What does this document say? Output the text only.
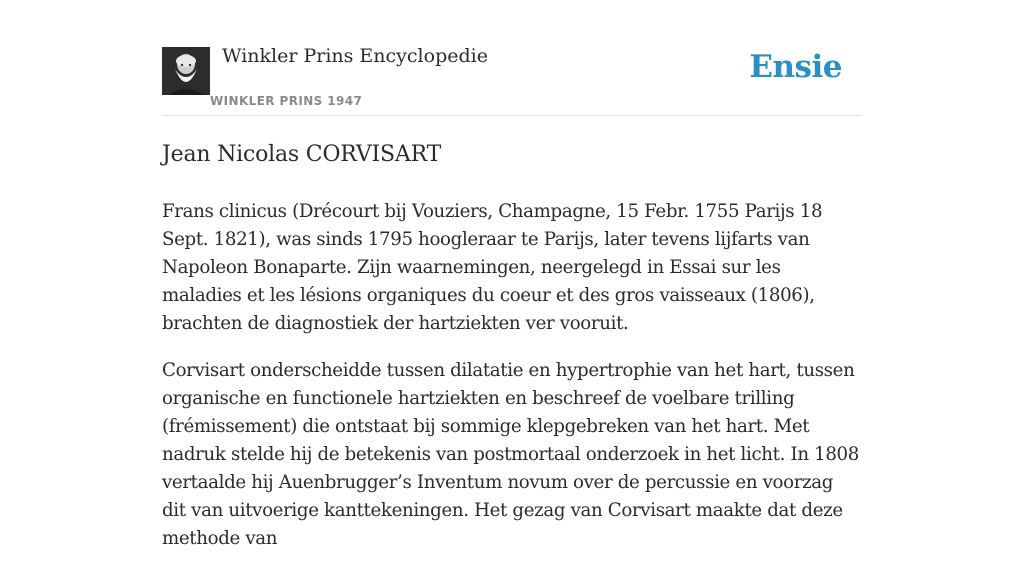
Winkler Prins Encyclopedie
WINKLER PRINS 1947
Ensie
Jean Nicolas CORVISART

Frans clinicus (Drécourt bij Vouziers, Champagne, 15 Febr. 1755 Parijs 18 Sept. 1821), was sinds 1795 hoogleraar te Parijs, later tevens lijfarts van Napoleon Bonaparte. Zijn waarnemingen, neergelegd in Essai sur les maladies et les lésions organiques du coeur et des gros vaisseaux (1806), brachten de diagnostiek der hartziekten ver vooruit.

Corvisart onderscheidde tussen dilatatie en hypertrophie van het hart, tussen organische en functionele hartziekten en beschreef de voelbare trilling (frémissement) die ontstaat bij sommige klepgebreken van het hart. Met nadruk stelde hij de betekenis van postmortaal onderzoek in het licht. In 1808 vertaalde hij Auenbrugger’s Inventum novum over de percussie en voorzag dit van uitvoerige kanttekeningen. Het gezag van Corvisart maakte dat deze methode van
